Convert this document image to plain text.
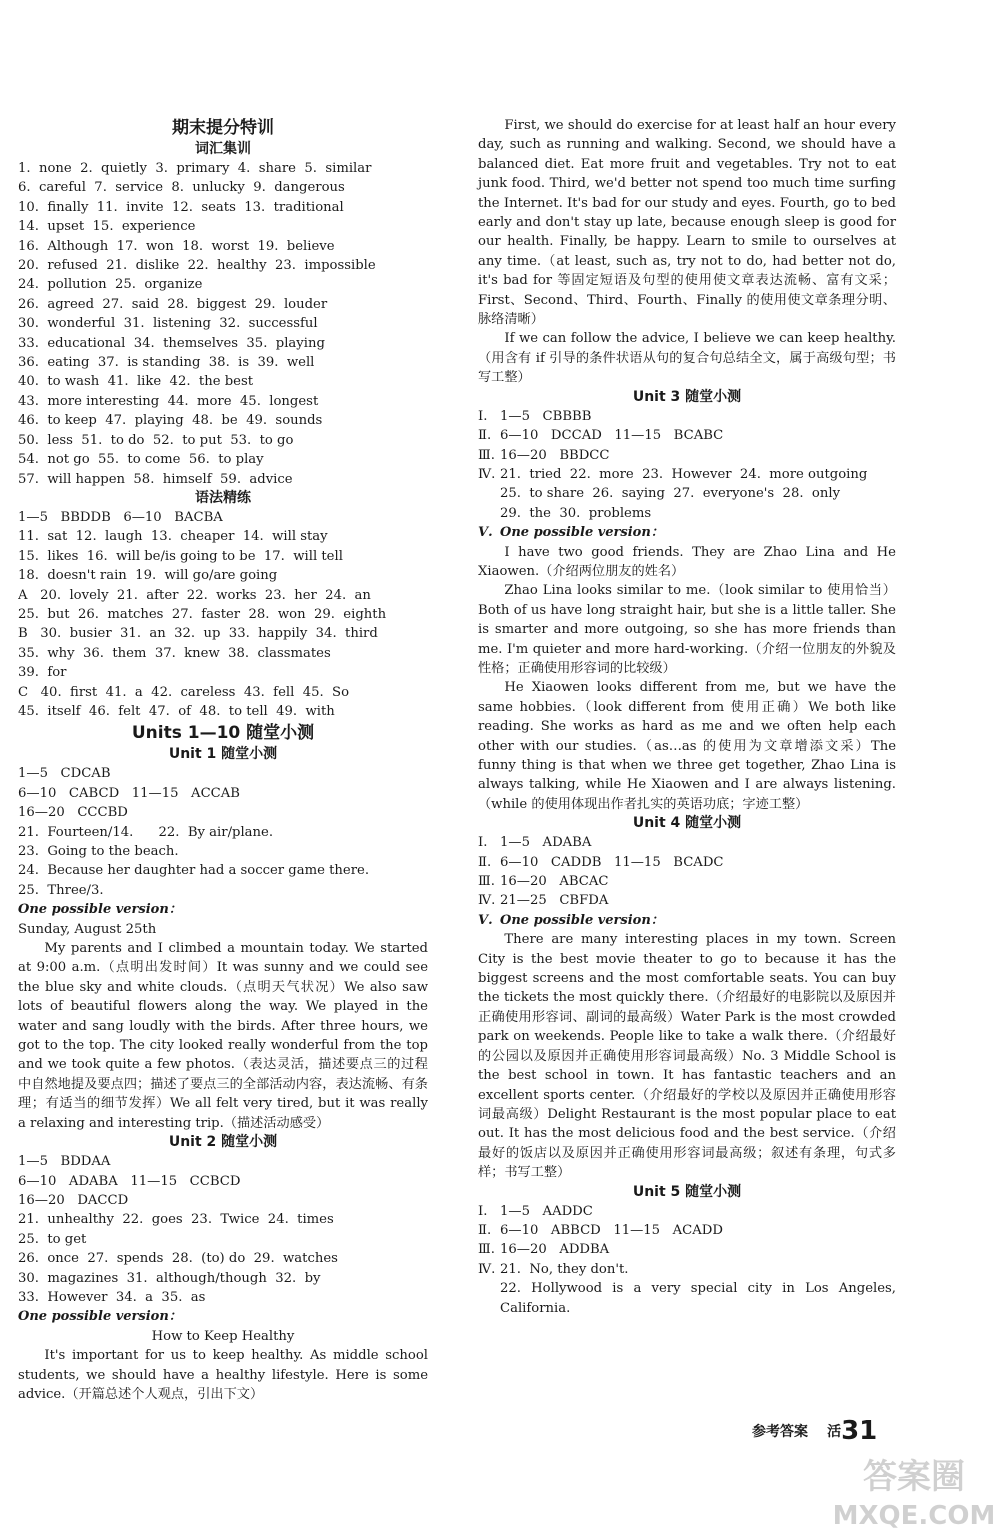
期末提分特训
词汇集训
1.  none  2.  quietly  3.  primary  4.  share  5.  similar
6.  careful  7.  service  8.  unlucky  9.  dangerous
10.  finally  11.  invite  12.  seats  13.  traditional
14.  upset  15.  experience
16.  Although  17.  won  18.  worst  19.  believe
20.  refused  21.  dislike  22.  healthy  23.  impossible
24.  pollution  25.  organize
26.  agreed  27.  said  28.  biggest  29.  louder
30.  wonderful  31.  listening  32.  successful
33.  educational  34.  themselves  35.  playing
36.  eating  37.  is standing  38.  is  39.  well
40.  to wash  41.  like  42.  the best
43.  more interesting  44.  more  45.  longest
46.  to keep  47.  playing  48.  be  49.  sounds
50.  less  51.  to do  52.  to put  53.  to go
54.  not go  55.  to come  56.  to play
57.  will happen  58.  himself  59.  advice
语法精练
1—5   BBDDB   6—10   BACBA
11.  sat  12.  laugh  13.  cheaper  14.  will stay
15.  likes  16.  will be/is going to be  17.  will tell
18.  doesn't rain  19.  will go/are going
A   20.  lovely  21.  after  22.  works  23.  her  24.  an
25.  but  26.  matches  27.  faster  28.  won  29.  eighth
B   30.  busier  31.  an  32.  up  33.  happily  34.  third
35.  why  36.  them  37.  knew  38.  classmates
39.  for
C   40.  first  41.  a  42.  careless  43.  fell  45.  So
45.  itself  46.  felt  47.  of  48.  to tell  49.  with
Units 1—10 随堂小测
Unit 1 随堂小测
1—5   CDCAB
6—10   CABCD   11—15   ACCAB
16—20   CCCBD
21.  Fourteen/14.      22.  By air/plane.
23.  Going to the beach.
24.  Because her daughter had a soccer game there.
25.  Three/3.
One possible version：
Sunday, August 25th
My parents and I climbed a mountain today. We started at 9:00 a.m.（点明出发时间）It was sunny and we could see the blue sky and white clouds.（点明天气状况）We also saw lots of beautiful flowers along the way. We played in the water and sang loudly with the birds. After three hours, we got to the top. The city looked really wonderful from the top and we took quite a few photos.（表达灵活，描述要点三的过程中自然地提及要点四；描述了要点三的全部活动内容，表达流畅、有条理；有适当的细节发挥）We all felt very tired, but it was really a relaxing and interesting trip.（描述活动感受）
Unit 2 随堂小测
1—5   BDDAA
6—10   ADABA   11—15   CCBCD
16—20   DACCD
21.  unhealthy  22.  goes  23.  Twice  24.  times
25.  to get
26.  once  27.  spends  28.  (to) do  29.  watches
30.  magazines  31.  although/though  32.  by
33.  However  34.  a  35.  as
One possible version：
How to Keep Healthy
It's important for us to keep healthy. As middle school students, we should have a healthy lifestyle. Here is some advice.（开篇总述个人观点，引出下文）
First, we should do exercise for at least half an hour every day, such as running and walking. Second, we should have a balanced diet. Eat more fruit and vegetables. Try not to eat junk food. Third, we'd better not spend too much time surfing the Internet. It's bad for our study and eyes. Fourth, go to bed early and don't stay up late, because enough sleep is good for our health. Finally, be happy. Learn to smile to ourselves at any time.（at least, such as, try not to do, had better not do, it's bad for 等固定短语及句型的使用使文章表达流畅、富有文采；First、Second、Third、Fourth、Finally 的使用使文章条理分明、脉络清晰）
If we can follow the advice, I believe we can keep healthy.（用含有 if 引导的条件状语从句的复合句总结全文，属于高级句型；书写工整）
Unit 3 随堂小测
Ⅰ. 1—5   CBBBB
Ⅱ. 6—10   DCCAD   11—15   BCABC
Ⅲ. 16—20   BBDCC
Ⅳ. 21.  tried  22.  more  23.  However  24.  more outgoing
25.  to share  26.  saying  27.  everyone's  28.  only
29.  the  30.  problems
Ⅴ. One possible version：
I have two good friends. They are Zhao Lina and He Xiaowen.（介绍两位朋友的姓名）
Zhao Lina looks similar to me.（look similar to 使用恰当）Both of us have long straight hair, but she is a little taller. She is smarter and more outgoing, so she has more friends than me. I'm quieter and more hard-working.（介绍一位朋友的外貌及性格；正确使用形容词的比较级）
He Xiaowen looks different from me, but we have the same hobbies.（look different from 使用正确）We both like reading. She works as hard as me and we often help each other with our studies.（as…as 的使用为文章增添文采）The funny thing is that when we three get together, Zhao Lina is always talking, while He Xiaowen and I are always listening.（while 的使用体现出作者扎实的英语功底；字迹工整）
Unit 4 随堂小测
Ⅰ. 1—5   ADABA
Ⅱ. 6—10   CADDB   11—15   BCADC
Ⅲ. 16—20   ABCAC
Ⅳ. 21—25   CBFDA
Ⅴ. One possible version：
There are many interesting places in my town. Screen City is the best movie theater to go to because it has the biggest screens and the most comfortable seats. You can buy the tickets the most quickly there.（介绍最好的电影院以及原因并正确使用形容词、副词的最高级）Water Park is the most crowded park on weekends. People like to take a walk there.（介绍最好的公园以及原因并正确使用形容词最高级）No. 3 Middle School is the best school in town. It has fantastic teachers and an excellent sports center.（介绍最好的学校以及原因并正确使用形容词最高级）Delight Restaurant is the most popular place to eat out. It has the most delicious food and the best service.（介绍最好的饭店以及原因并正确使用形容词最高级；叙述有条理，句式多样；书写工整）
Unit 5 随堂小测
Ⅰ. 1—5   AADDC
Ⅱ. 6—10   ABBCD   11—15   ACADD
Ⅲ. 16—20   ADDBA
Ⅳ. 21.  No, they don't.
22. Hollywood is a very special city in Los Angeles, California.
参考答案 活31
答案圈
MXQE.COM
